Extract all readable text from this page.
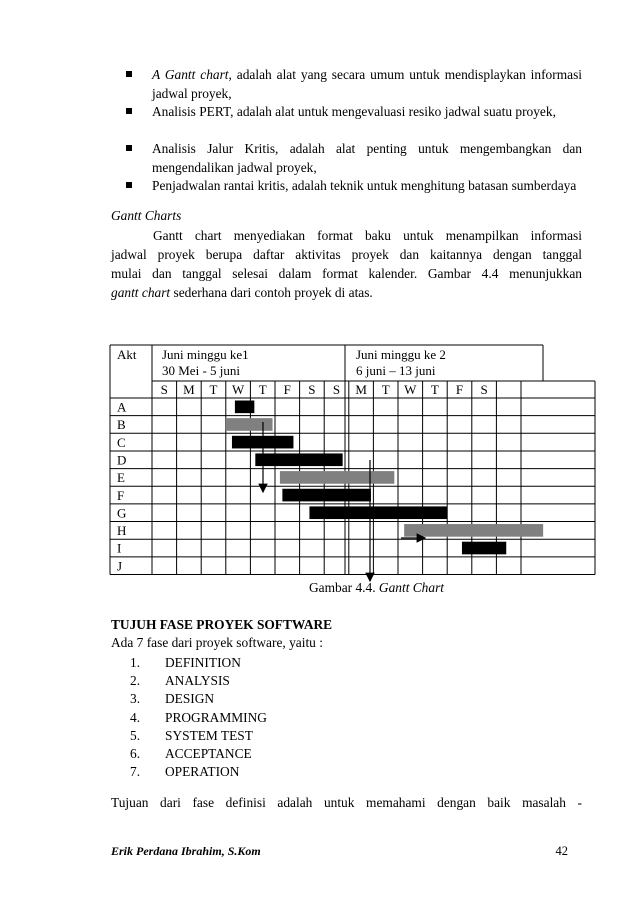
A Gantt chart, adalah alat yang secara umum untuk mendisplaykan informasi jadwal proyek,
Analisis PERT, adalah alat untuk mengevaluasi resiko jadwal suatu proyek,
Analisis Jalur Kritis, adalah alat penting untuk mengembangkan dan mengendalikan jadwal proyek,
Penjadwalan rantai kritis, adalah teknik untuk menghitung batasan sumberdaya
Gantt Charts
Gantt chart menyediakan format baku untuk menampilkan informasi
jadwal proyek berupa daftar aktivitas proyek dan kaitannya dengan tanggal
mulai dan tanggal selesai dalam format kalender. Gambar 4.4 menunjukkan
gantt chart sederhana dari contoh proyek di atas.
Akt Juni minggu ke1
30 Mei - 5 juni
Juni minggu ke 2
6 juni – 13 juni
S M T W T F S S M T W T F S
A
B
C
D
E
F
G
H
I
J
Gambar 4.4. Gantt Chart
TUJUH FASE PROYEK SOFTWARE
Ada 7 fase dari proyek software, yaitu :
1. DEFINITION
2. ANALYSIS
3. DESIGN
4. PROGRAMMING
5. SYSTEM TEST
6. ACCEPTANCE
7. OPERATION
Tujuan dari fase definisi adalah untuk memahami dengan baik masalah -
Erik Perdana Ibrahim, S.Kom	42
